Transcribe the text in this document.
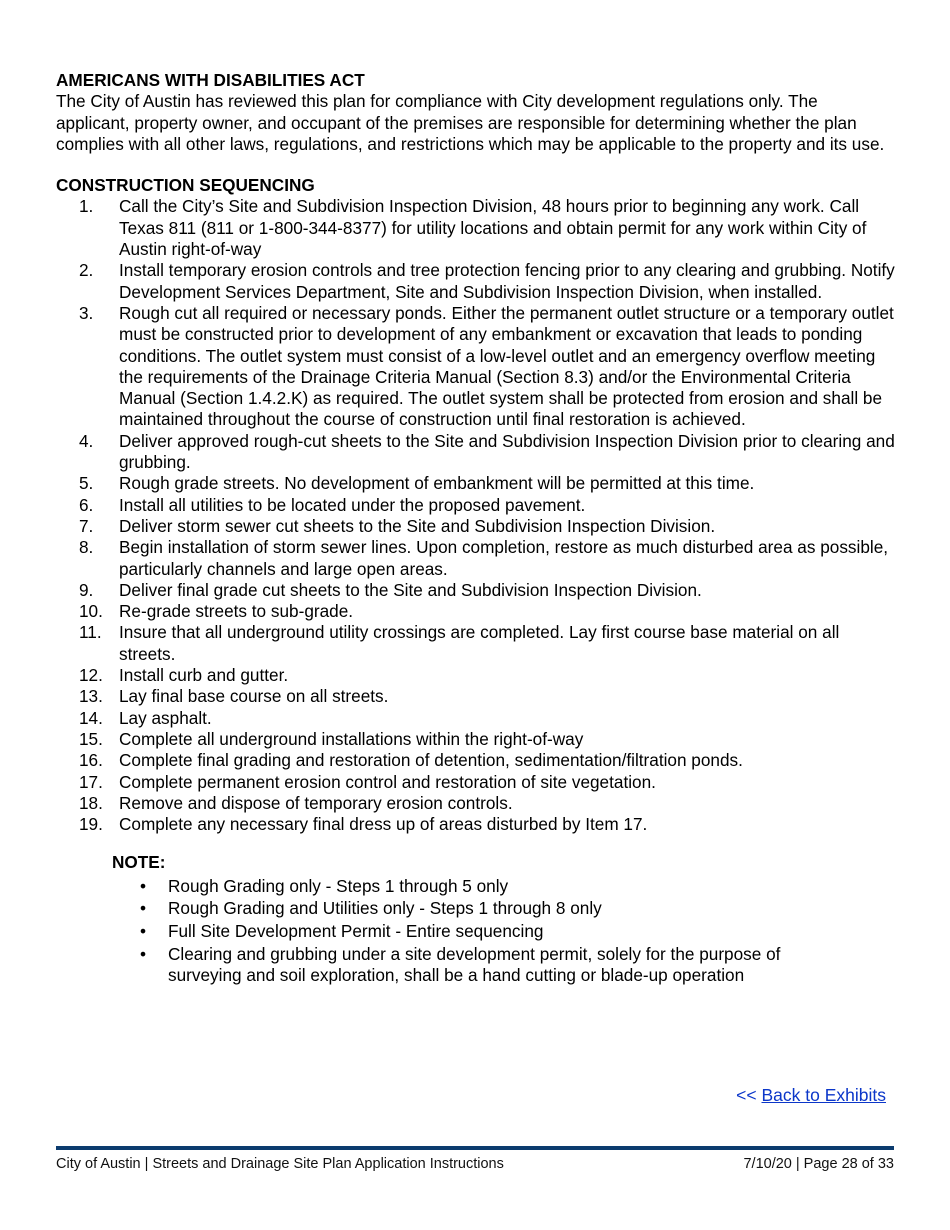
AMERICANS WITH DISABILITIES ACT

The City of Austin has reviewed this plan for compliance with City development regulations only. The applicant, property owner, and occupant of the premises are responsible for determining whether the plan complies with all other laws, regulations, and restrictions which may be applicable to the property and its use.

CONSTRUCTION SEQUENCING

1.	Call the City’s Site and Subdivision Inspection Division, 48 hours prior to beginning any work. Call Texas 811 (811 or 1-800-344-8377) for utility locations and obtain permit for any work within City of Austin right-of-way
2.	Install temporary erosion controls and tree protection fencing prior to any clearing and grubbing. Notify Development Services Department, Site and Subdivision Inspection Division, when installed.
3.	Rough cut all required or necessary ponds. Either the permanent outlet structure or a temporary outlet must be constructed prior to development of any embankment or excavation that leads to ponding conditions. The outlet system must consist of a low-level outlet and an emergency overflow meeting the requirements of the Drainage Criteria Manual (Section 8.3) and/or the Environmental Criteria Manual (Section 1.4.2.K) as required. The outlet system shall be protected from erosion and shall be maintained throughout the course of construction until final restoration is achieved.
4.	Deliver approved rough-cut sheets to the Site and Subdivision Inspection Division prior to clearing and grubbing.
5.	Rough grade streets. No development of embankment will be permitted at this time.
6.	Install all utilities to be located under the proposed pavement.
7.	Deliver storm sewer cut sheets to the Site and Subdivision Inspection Division.
8.	Begin installation of storm sewer lines. Upon completion, restore as much disturbed area as possible, particularly channels and large open areas.
9.	Deliver final grade cut sheets to the Site and Subdivision Inspection Division.
10. Re-grade streets to sub-grade.
11.	Insure that all underground utility crossings are completed. Lay first course base material on all streets.
12. Install curb and gutter.
13. Lay final base course on all streets.
14. Lay asphalt.
15. Complete all underground installations within the right-of-way
16. Complete final grading and restoration of detention, sedimentation/filtration ponds.
17. Complete permanent erosion control and restoration of site vegetation.
18. Remove and dispose of temporary erosion controls.
19. Complete any necessary final dress up of areas disturbed by Item 17.

NOTE:

•	Rough Grading only - Steps 1 through 5 only
•	Rough Grading and Utilities only - Steps 1 through 8 only
•	Full Site Development Permit - Entire sequencing
•	Clearing and grubbing under a site development permit, solely for the purpose of surveying and soil exploration, shall be a hand cutting or blade-up operation
<< Back to Exhibits
City of Austin | Streets and Drainage Site Plan Application Instructions	7/10/20 | Page 28 of 33
